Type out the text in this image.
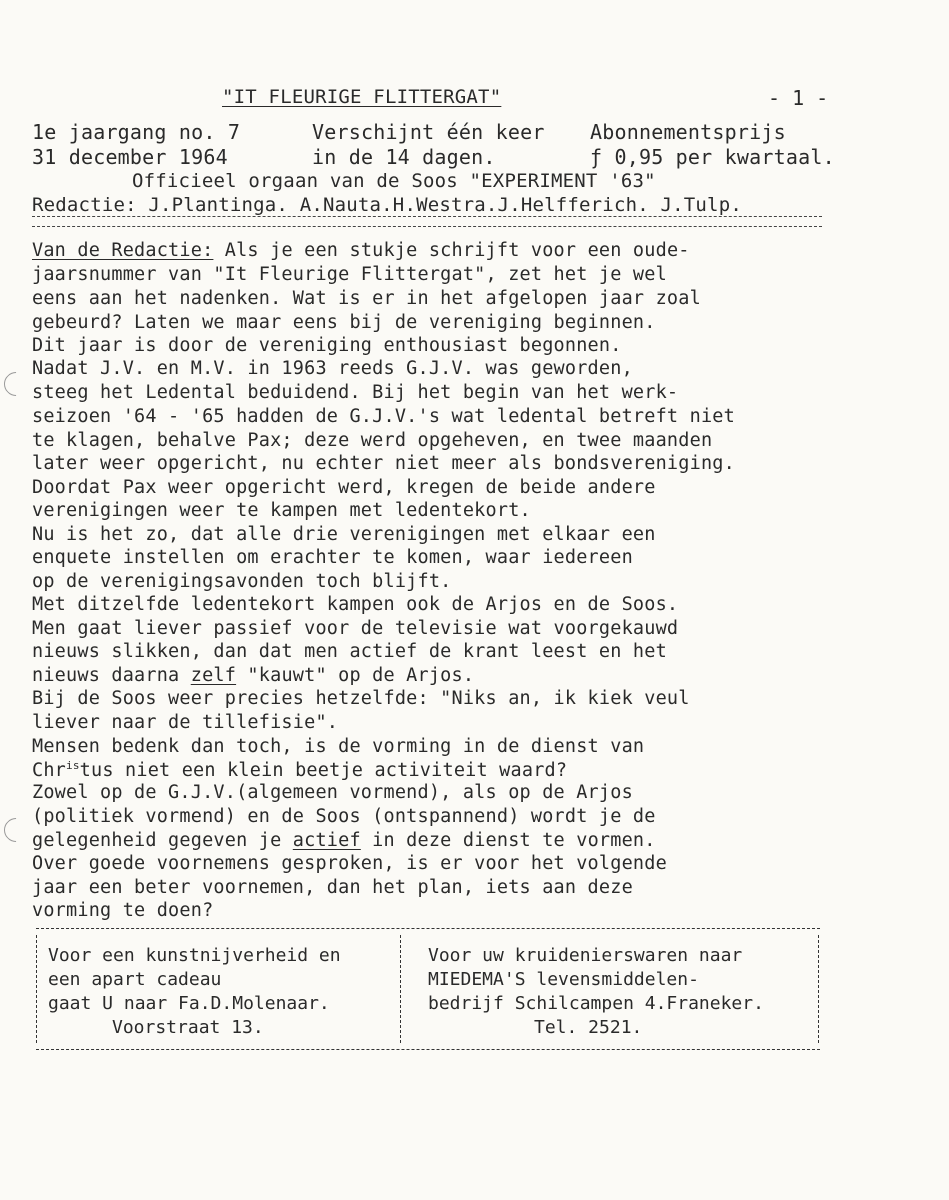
"IT FLEURIGE FLITTERGAT"	- 1 -
1e jaargang no. 7	Verschijnt één keer Abonnementsprijs
31 december 1964	in de 14 dagen.	ƒ 0,95 per kwartaal.
Officieel orgaan van de Soos "EXPERIMENT '63"
Redactie: J.Plantinga. A.Nauta.H.Westra.J.Helfferich. J.Tulp.
Van de Redactie: Als je een stukje schrijft voor een oude-
jaarsnummer van "It Fleurige Flittergat", zet het je wel
eens aan het nadenken. Wat is er in het afgelopen jaar zoal
gebeurd? Laten we maar eens bij de vereniging beginnen.
Dit jaar is door de vereniging enthousiast begonnen.
Nadat J.V. en M.V. in 1963 reeds G.J.V. was geworden,
steeg het Ledental beduidend. Bij het begin van het werk-
seizoen '64 - '65 hadden de G.J.V.'s wat ledental betreft niet
te klagen, behalve Pax; deze werd opgeheven, en twee maanden
later weer opgericht, nu echter niet meer als bondsvereniging.
Doordat Pax weer opgericht werd, kregen de beide andere
verenigingen weer te kampen met ledentekort.
Nu is het zo, dat alle drie verenigingen met elkaar een
enquete instellen om erachter te komen, waar iedereen
op de verenigingsavonden toch blijft.
Met ditzelfde ledentekort kampen ook de Arjos en de Soos.
Men gaat liever passief voor de televisie wat voorgekauwd
nieuws slikken, dan dat men actief de krant leest en het
nieuws daarna zelf "kauwt" op de Arjos.
Bij de Soos weer precies hetzelfde: "Niks an, ik kiek veul
liever naar de tillefisie".
Mensen bedenk dan toch, is de vorming in de dienst van
Chr$^{is}$tus niet een klein beetje activiteit waard?
Zowel op de G.J.V.(algemeen vormend), als op de Arjos
(politiek vormend) en de Soos (ontspannend) wordt je de
gelegenheid gegeven je actief in deze dienst te vormen.
Over goede voornemens gesproken, is er voor het volgende
jaar een beter voornemen, dan het plan, iets aan deze
vorming te doen?
Voor een kunstnijverheid en
een apart cadeau
gaat U naar Fa.D.Molenaar.
Voorstraat 13.
Voor uw kruidenierswaren naar
MIEDEMA'S levensmiddelen-
bedrijf Schilcampen 4.Franeker.
Tel. 2521.
